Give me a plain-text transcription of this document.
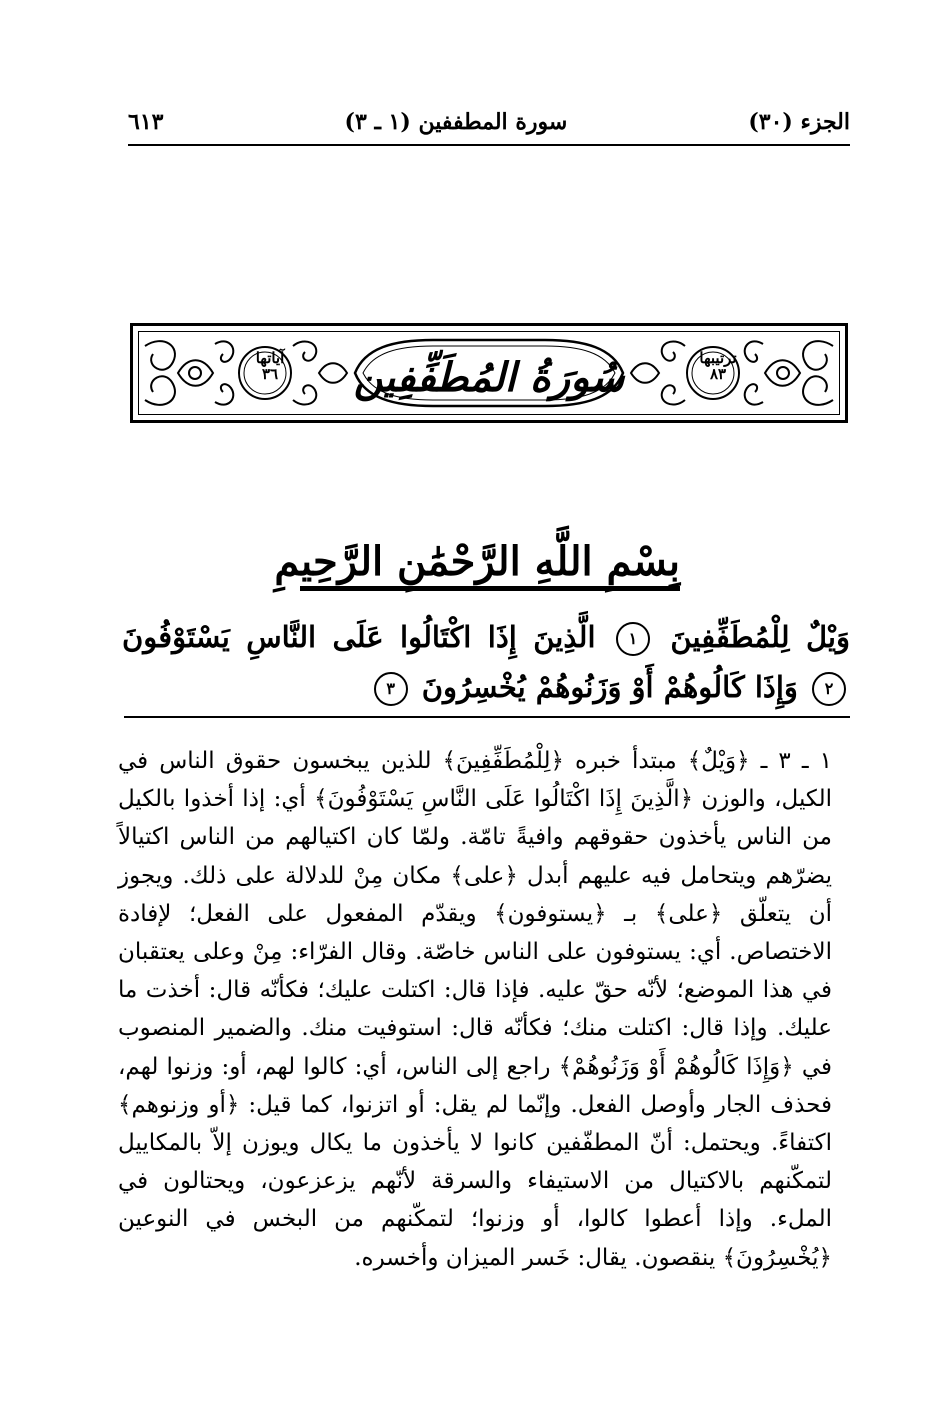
الجزء (٣٠)
سورة المطففين (١ ـ ٣)
٦١٣
سُورَةُ المُطَفِّفِين	ترتيبها
٨٣
آياتها
٣٦
بِسْمِ اللَّهِ الرَّحْمَٰنِ الرَّحِيمِ
وَيْلٌ لِلْمُطَفِّفِينَ ١ الَّذِينَ إِذَا اكْتَالُوا عَلَى النَّاسِ يَسْتَوْفُونَ ٢ وَإِذَا كَالُوهُمْ أَوْ وَزَنُوهُمْ يُخْسِرُونَ ٣

١ ـ ٣ ـ ﴿وَيْلٌ﴾ مبتدأ خبره ﴿لِلْمُطَفِّفِينَ﴾ للذين يبخسون حقوق الناس في الكيل، والوزن ﴿الَّذِينَ إِذَا اكْتَالُوا عَلَى النَّاسِ يَسْتَوْفُونَ﴾ أي: إذا أخذوا بالكيل من الناس يأخذون حقوقهم وافيةً تامّة. ولمّا كان اكتيالهم من الناس اكتيالاً يضرّهم ويتحامل فيه عليهم أبدل ﴿على﴾ مكان مِنْ للدلالة على ذلك. ويجوز أن يتعلّق ﴿على﴾ بـ ﴿يستوفون﴾ ويقدّم المفعول على الفعل؛ لإفادة الاختصاص. أي: يستوفون على الناس خاصّة. وقال الفرّاء: مِنْ وعلى يعتقبان في هذا الموضع؛ لأنّه حقّ عليه. فإذا قال: اكتلت عليك؛ فكأنّه قال: أخذت ما عليك. وإذا قال: اكتلت منك؛ فكأنّه قال: استوفيت منك. والضمير المنصوب في ﴿وَإِذَا كَالُوهُمْ أَوْ وَزَنُوهُمْ﴾ راجع إلى الناس، أي: كالوا لهم، أو: وزنوا لهم، فحذف الجار وأوصل الفعل. وإنّما لم يقل: أو اتزنوا، كما قيل: ﴿أو وزنوهم﴾ اكتفاءً. ويحتمل: أنّ المطفّفين كانوا لا يأخذون ما يكال ويوزن إلاّ بالمكاييل لتمكّنهم بالاكتيال من الاستيفاء والسرقة لأنّهم يزعزعون، ويحتالون في الملء. وإذا أعطوا كالوا، أو وزنوا؛ لتمكّنهم من البخس في النوعين ﴿يُخْسِرُونَ﴾ ينقصون. يقال: خَسر الميزان وأخسره.
